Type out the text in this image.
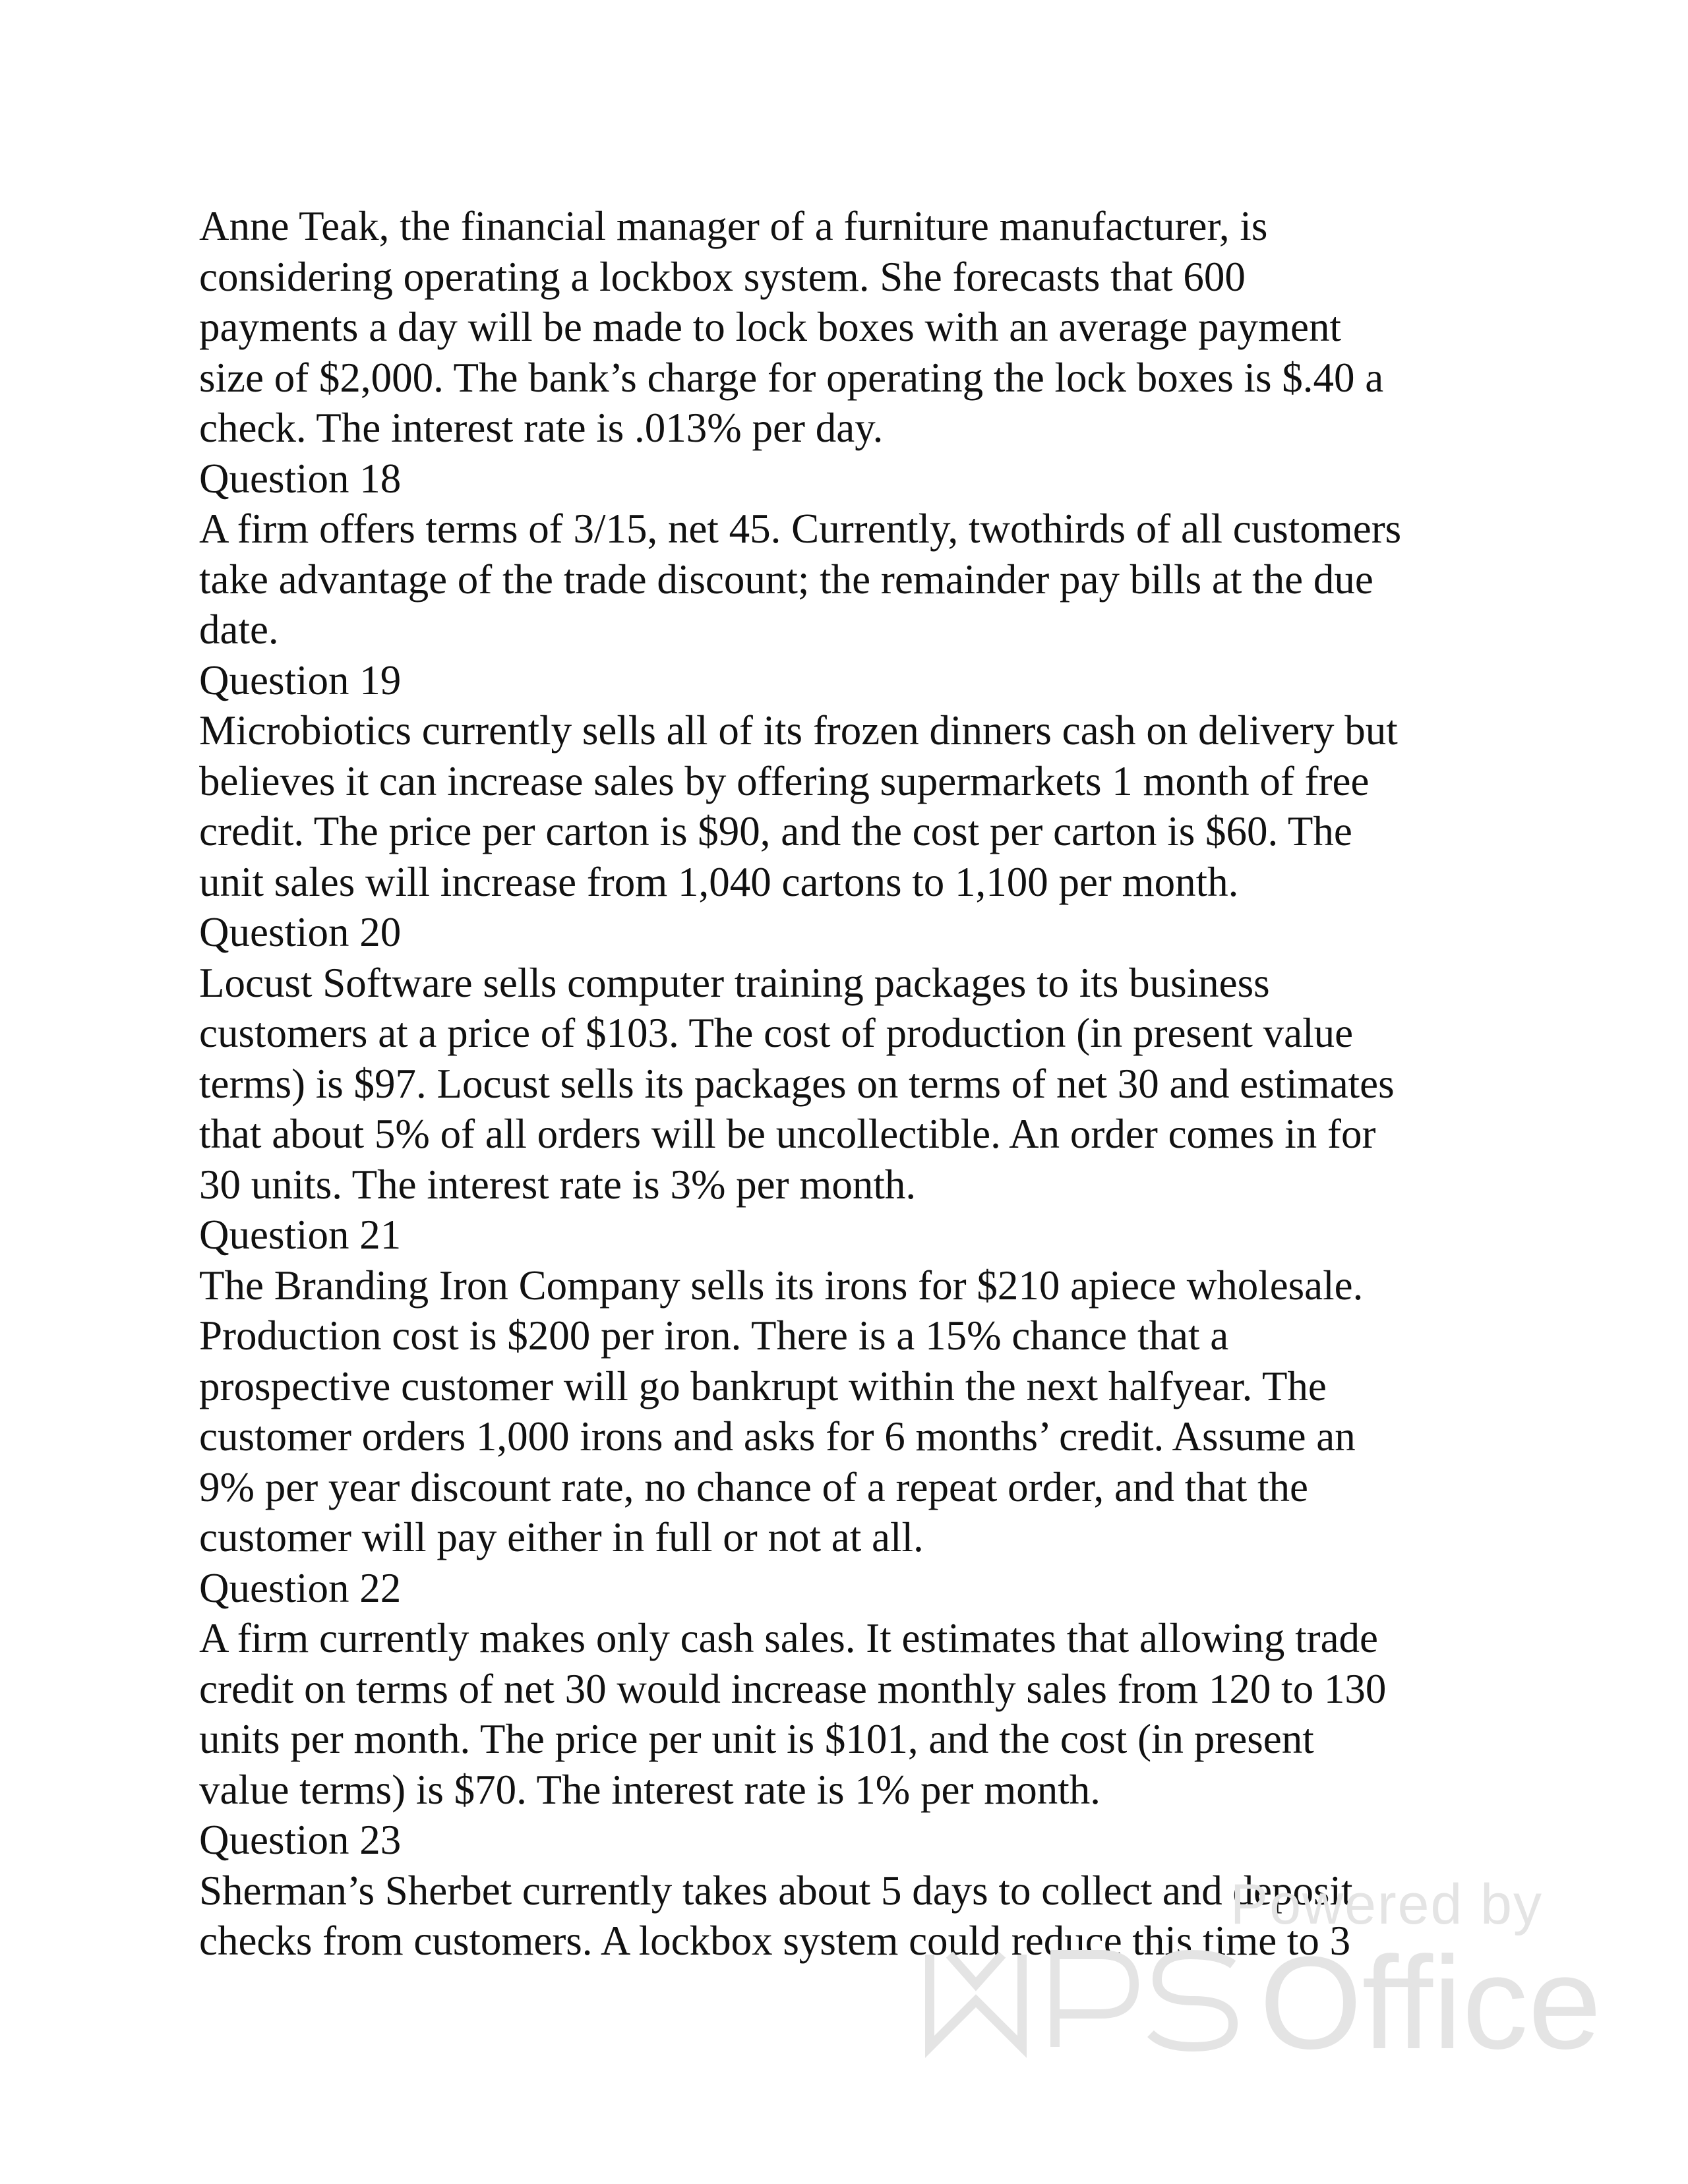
Anne Teak, the financial manager of a furniture manufacturer, is
considering operating a lockbox system. She forecasts that 600
payments a day will be made to lock boxes with an average payment
size of $2,000. The bank’s charge for operating the lock boxes is $.40 a
check. The interest rate is .013% per day.
Question 18
A firm offers terms of 3/15, net 45. Currently, twothirds of all customers
take advantage of the trade discount; the remainder pay bills at the due
date.
Question 19
Microbiotics currently sells all of its frozen dinners cash on delivery but
believes it can increase sales by offering supermarkets 1 month of free
credit. The price per carton is $90, and the cost per carton is $60. The
unit sales will increase from 1,040 cartons to 1,100 per month.
Question 20
Locust Software sells computer training packages to its business
customers at a price of $103. The cost of production (in present value
terms) is $97. Locust sells its packages on terms of net 30 and estimates
that about 5% of all orders will be uncollectible. An order comes in for
30 units. The interest rate is 3% per month.
Question 21
The Branding Iron Company sells its irons for $210 apiece wholesale.
Production cost is $200 per iron. There is a 15% chance that a
prospective customer will go bankrupt within the next halfyear. The
customer orders 1,000 irons and asks for 6 months’ credit. Assume an
9% per year discount rate, no chance of a repeat order, and that the
customer will pay either in full or not at all.
Question 22
A firm currently makes only cash sales. It estimates that allowing trade
credit on terms of net 30 would increase monthly sales from 120 to 130
units per month. The price per unit is $101, and the cost (in present
value terms) is $70. The interest rate is 1% per month.
Question 23
Sherman’s Sherbet currently takes about 5 days to collect and deposit
checks from customers. A lockbox system could reduce this time to 3
Powered by
Office
